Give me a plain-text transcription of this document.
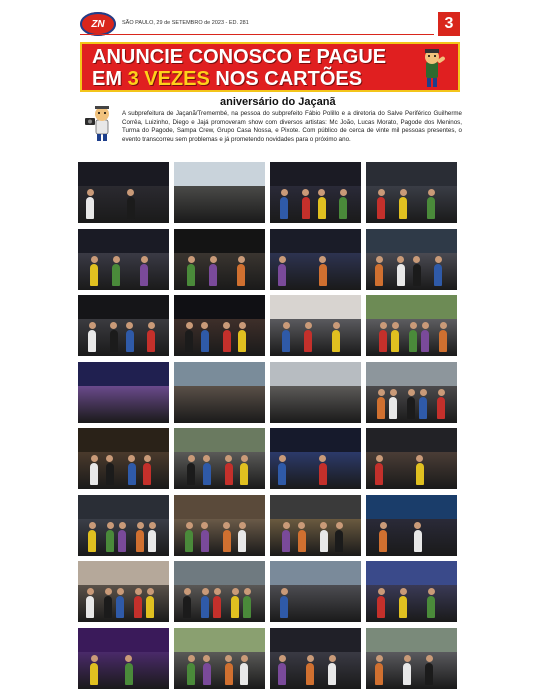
ZN	SÃO PAULO, 29 de SETEMBRO de 2023 - ED. 281	3
ANUNCIE CONOSCO E PAGUE
EM 3 VEZES NOS CARTÕES
aniversário do Jaçanã
A subprefeitura de Jaçanã/Tremembé, na pessoa do subprefeito Fábio Polillo e a diretoria do Salve Periférico Guilherme Corrêa, Luizinho, Diego e Jajá promoveram show com diversos artistas: Mc João, Lucas Morato, Pagode dos Meninos, Turma do Pagode, Sampa Crew, Grupo Casa Nossa, e Pixote. Com público de cerca de vinte mil pessoas presentes, o evento transcorreu sem problemas e já prometendo novidades para o próximo ano.
